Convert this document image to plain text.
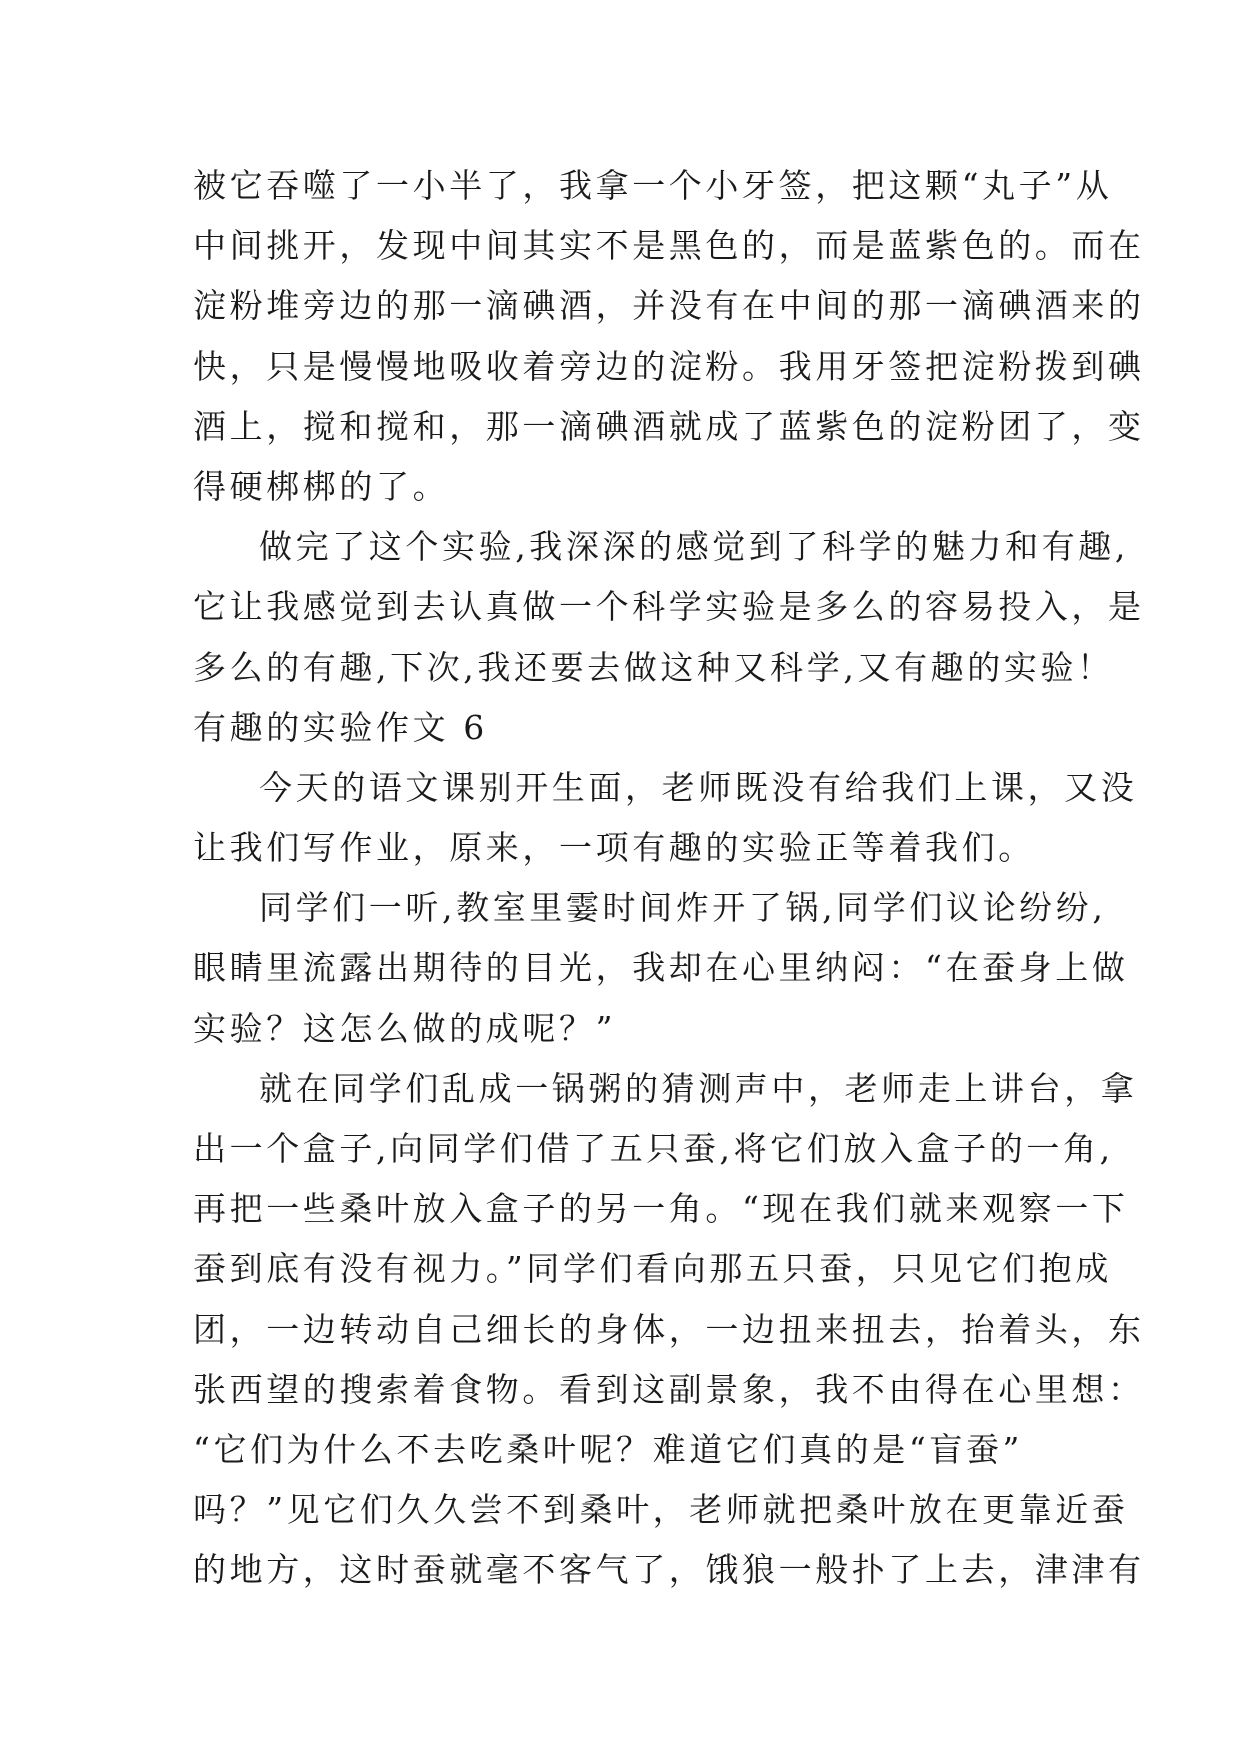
被它吞噬了一小半了，我拿一个小牙签，把这颗“丸子”从
中间挑开，发现中间其实不是黑色的，而是蓝紫色的。而在
淀粉堆旁边的那一滴碘酒，并没有在中间的那一滴碘酒来的
快，只是慢慢地吸收着旁边的淀粉。我用牙签把淀粉拨到碘
酒上，搅和搅和，那一滴碘酒就成了蓝紫色的淀粉团了，变
得硬梆梆的了。
做完了这个实验,我深深的感觉到了科学的魅力和有趣,
它让我感觉到去认真做一个科学实验是多么的容易投入，是
多么的有趣,下次,我还要去做这种又科学,又有趣的实验！
有趣的实验作文 6
今天的语文课别开生面，老师既没有给我们上课，又没
让我们写作业，原来，一项有趣的实验正等着我们。
同学们一听,教室里霎时间炸开了锅,同学们议论纷纷,
眼睛里流露出期待的目光，我却在心里纳闷：“在蚕身上做
实验？这怎么做的成呢？”
就在同学们乱成一锅粥的猜测声中，老师走上讲台，拿
出一个盒子,向同学们借了五只蚕,将它们放入盒子的一角,
再把一些桑叶放入盒子的另一角。“现在我们就来观察一下
蚕到底有没有视力。”同学们看向那五只蚕，只见它们抱成
团，一边转动自己细长的身体，一边扭来扭去，抬着头，东
张西望的搜索着食物。看到这副景象，我不由得在心里想：
“它们为什么不去吃桑叶呢？难道它们真的是“盲蚕”
吗？”见它们久久尝不到桑叶，老师就把桑叶放在更靠近蚕
的地方，这时蚕就毫不客气了，饿狼一般扑了上去，津津有
